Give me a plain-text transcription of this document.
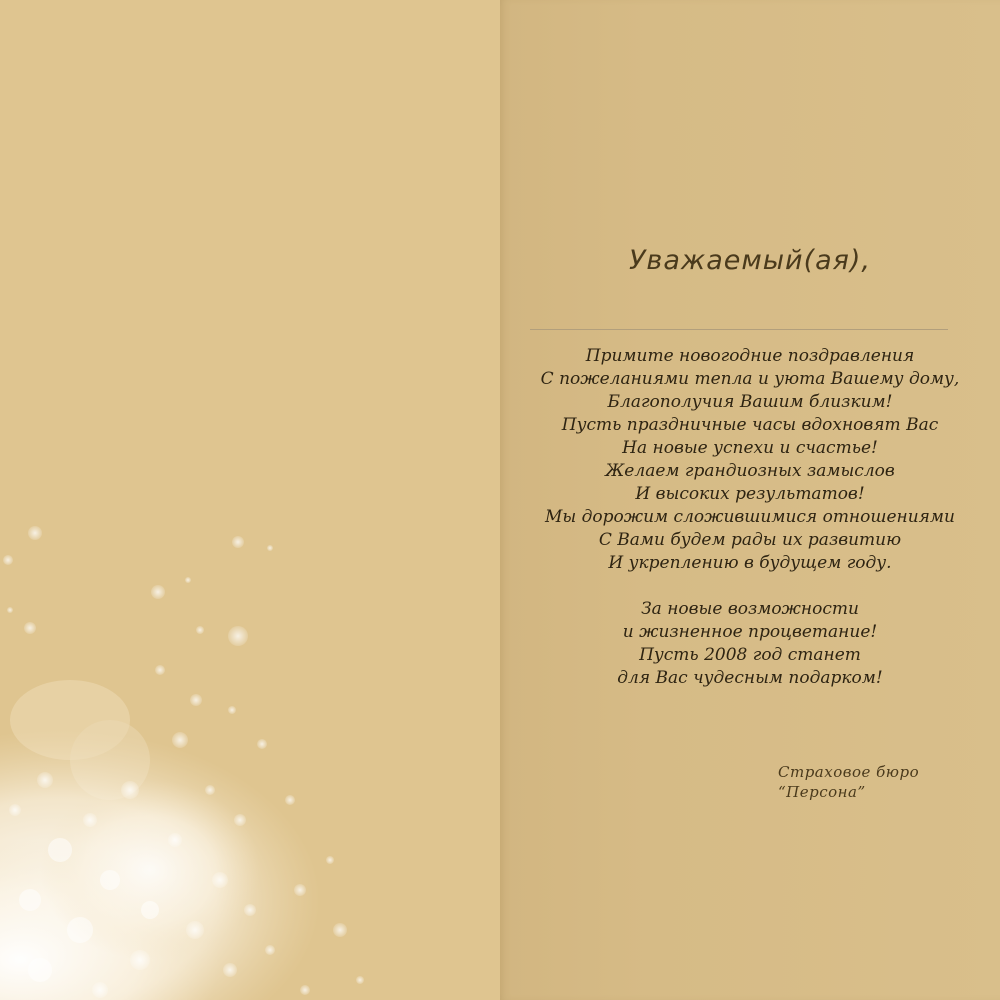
Уважаемый(ая),
Примите новогодние поздравления
С пожеланиями тепла и уюта Вашему дому,
Благополучия Вашим близким!
Пусть праздничные часы вдохновят Вас
На новые успехи и счастье!
Желаем грандиозных замыслов
И высоких результатов!
Мы дорожим сложившимися отношениями
С Вами будем рады их развитию
И укреплению в будущем году.
За новые возможности
и жизненное процветание!
Пусть 2008 год станет
для Вас чудесным подарком!
Страховое бюро
“Персона”
